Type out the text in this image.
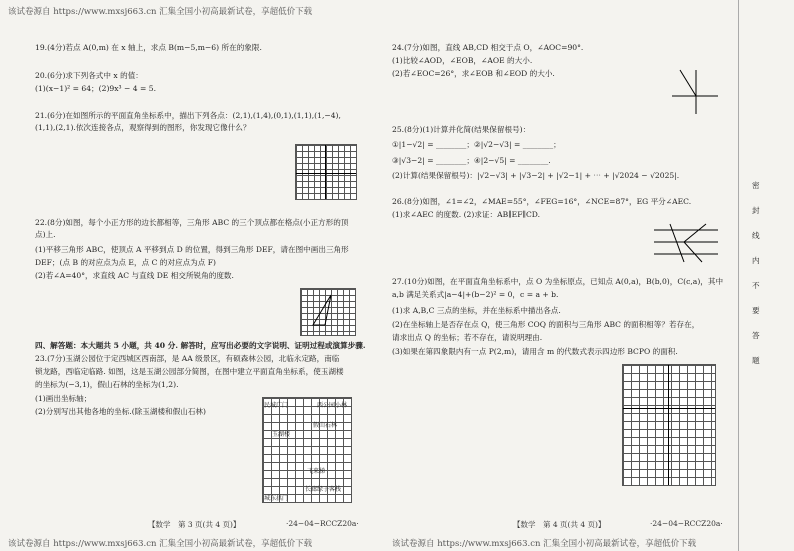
该试卷源自 https://www.mxsj663.cn 汇集全国小初高最新试卷，享超低价下载
19.(4分)若点 A(0,m) 在 x 轴上，求点 B(m−5,m−6) 所在的象限.
20.(6分)求下列各式中 x 的值：
(1)(x−1)² = 64；(2)9x³ − 4 = 5.
21.(6分)在如图所示的平面直角坐标系中，描出下列各点：(2,1),(1,4),(0,1),(1,1),(1,−4),
(1,1),(2,1).依次连接各点，观察得到的图形，你发现它像什么？
22.(8分)如图，每个小正方形的边长都相等，三角形 ABC 的三个顶点都在格点(小正方形的顶
点)上.
(1)平移三角形 ABC，使顶点 A 平移到点 D 的位置，得到三角形 DEF，请在图中画出三角形
DEF；(点 B 的对应点为点 E，点 C 的对应点为点 F)
(2)若∠A=40°，求直线 AC 与直线 DE 相交所锐角的度数.
四、解答题：本大题共 5 小题，共 40 分. 解答时，应写出必要的文字说明、证明过程或演算步骤.
23.(7分)玉湖公园位于定西城区西南部，是 AA 级景区，有硕森林公园，北临永定路，南临
锁龙路，西临定临路. 如图，这是玉湖公园部分简图，在图中建立平面直角坐标系，使玉湖楼
的坐标为(−3,1)，假山石林的坐标为(1,2).
(1)画出坐标轴；
(2)分别写出其他各地的坐标.(除玉湖楼和假山石林)
民城广门	西公园小林
假山石林
玉湖楼
飞来梯
长廊绿子客栈
城东拱门
【数学　第 3 页(共 4 页)】	·24−04−RCCZ20a·
24.(7分)如图，直线 AB,CD 相交于点 O，∠AOC=90°.
(1)比较∠AOD，∠EOB，∠AOE 的大小.
(2)若∠EOC=26°，求∠EOB 和∠EOD 的大小.
25.(8分)(1)计算并化简(结果保留根号)：
①|1−√2| = ________；②|√2−√3| = ________；
③|√3−2| = ________；④|2−√5| = ________.
(2)计算(结果保留根号)：|√2−√3| + |√3−2| + |√2−1| + ⋯ + |√2024 − √2025|.
26.(8分)如图，∠1=∠2，∠MAE=55°，∠FEG=16°，∠NCE=87°，EG 平分∠AEC.
(1)求∠AEC 的度数. (2)求证：AB∥EF∥CD.
27.(10分)如图，在平面直角坐标系中，点 O 为坐标原点，已知点 A(0,a)，B(b,0)，C(c,a)，其中
a,b 满足关系式|a−4|+(b−2)² = 0，c = a + b.
(1)求 A,B,C 三点的坐标，并在坐标系中描出各点.
(2)在坐标轴上是否存在点 Q，使三角形 COQ 的面积与三角形 ABC 的面积相等？若存在，
请求出点 Q 的坐标；若不存在，请说明理由.
(3)如果在第四象限内有一点 P(2,m)，请用含 m 的代数式表示四边形 BCPO 的面积.
【数学　第 4 页(共 4 页)】	·24−04−RCCZ20a·
密
封
线
内
不
要
答
题
该试卷源自 https://www.mxsj663.cn 汇集全国小初高最新试卷，享超低价下载	该试卷源自 https://www.mxsj663.cn 汇集全国小初高最新试卷，享超低价下载
